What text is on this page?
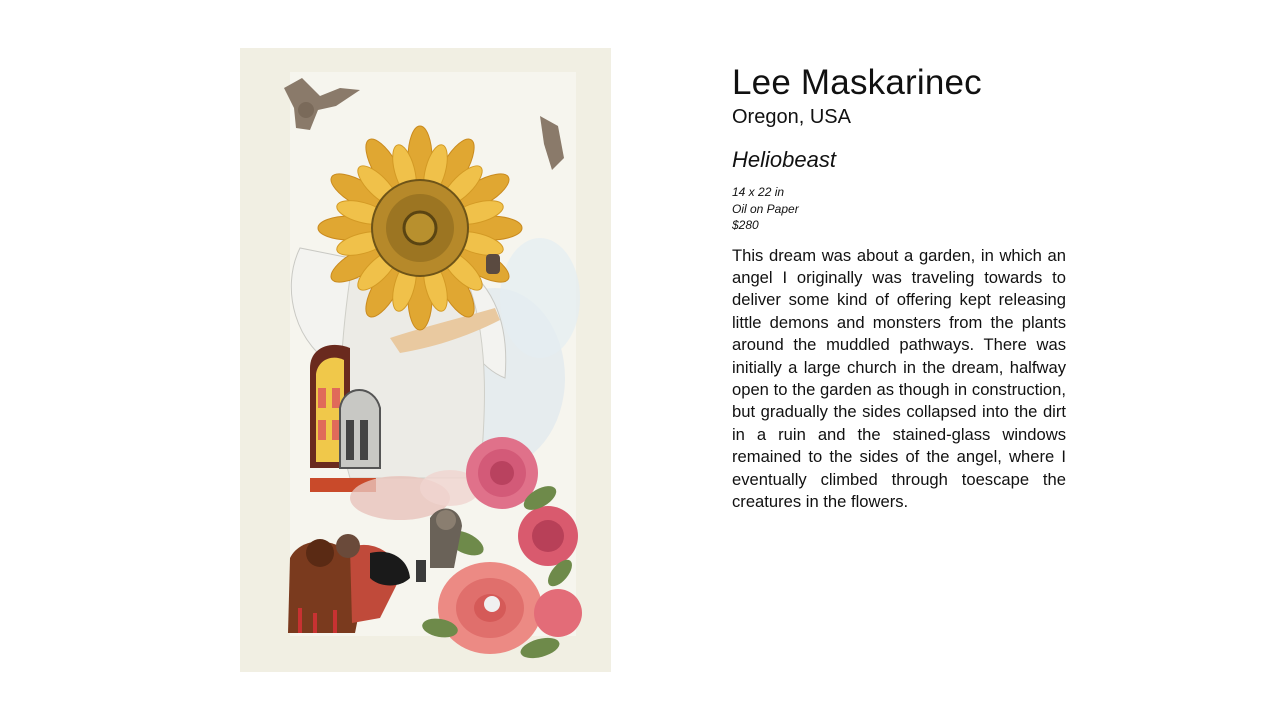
Lee Maskarinec

Oregon, USA

Heliobeast

14 x 22 in

Oil on Paper

$280

This dream was about a garden, in which an angel I originally was traveling towards to deliver some kind of offering kept releasing little demons and monsters from the plants around the muddled pathways. There was initially a large church in the dream, halfway open to the garden as though in construction, but gradually the sides collapsed into the dirt in a ruin and the stained-glass windows remained to the sides of the angel, where I eventually climbed through toescape the creatures in the flowers.
